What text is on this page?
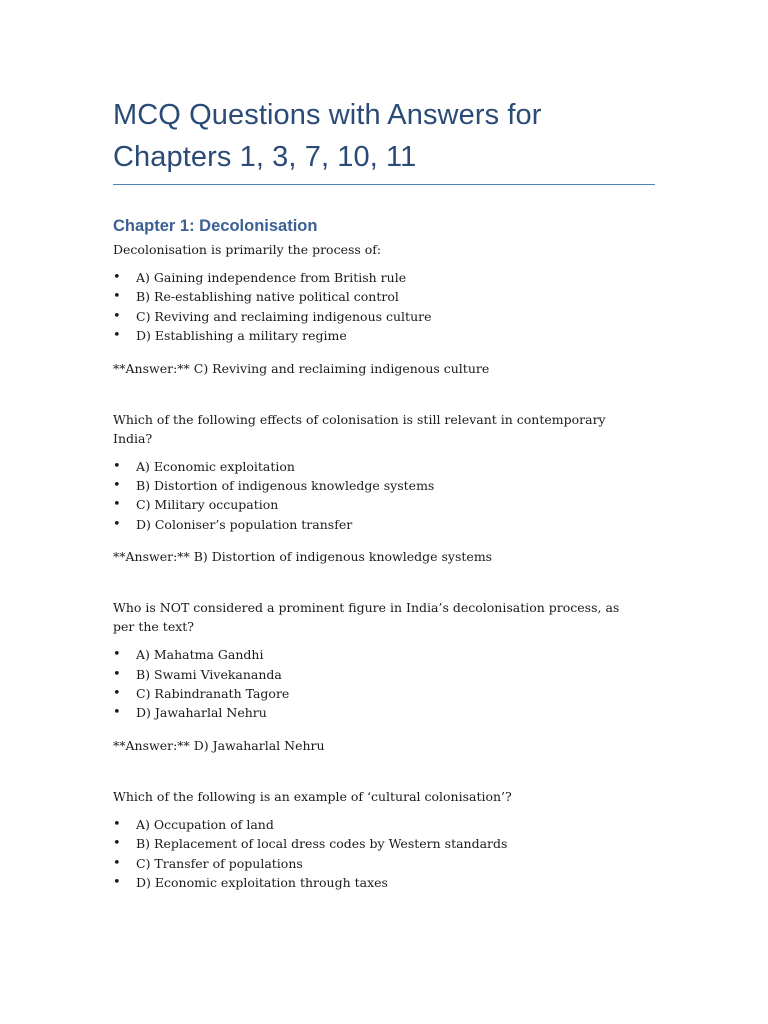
MCQ Questions with Answers for
Chapters 1, 3, 7, 10, 11
Chapter 1: Decolonisation

Decolonisation is primarily the process of:

• A) Gaining independence from British rule
• B) Re-establishing native political control
• C) Reviving and reclaiming indigenous culture
• D) Establishing a military regime

**Answer:** C) Reviving and reclaiming indigenous culture

Which of the following effects of colonisation is still relevant in contemporary India?

• A) Economic exploitation
• B) Distortion of indigenous knowledge systems
• C) Military occupation
• D) Coloniser’s population transfer

**Answer:** B) Distortion of indigenous knowledge systems

Who is NOT considered a prominent figure in India’s decolonisation process, as per the text?

• A) Mahatma Gandhi
• B) Swami Vivekananda
• C) Rabindranath Tagore
• D) Jawaharlal Nehru

**Answer:** D) Jawaharlal Nehru

Which of the following is an example of ‘cultural colonisation’?

• A) Occupation of land
• B) Replacement of local dress codes by Western standards
• C) Transfer of populations
• D) Economic exploitation through taxes
